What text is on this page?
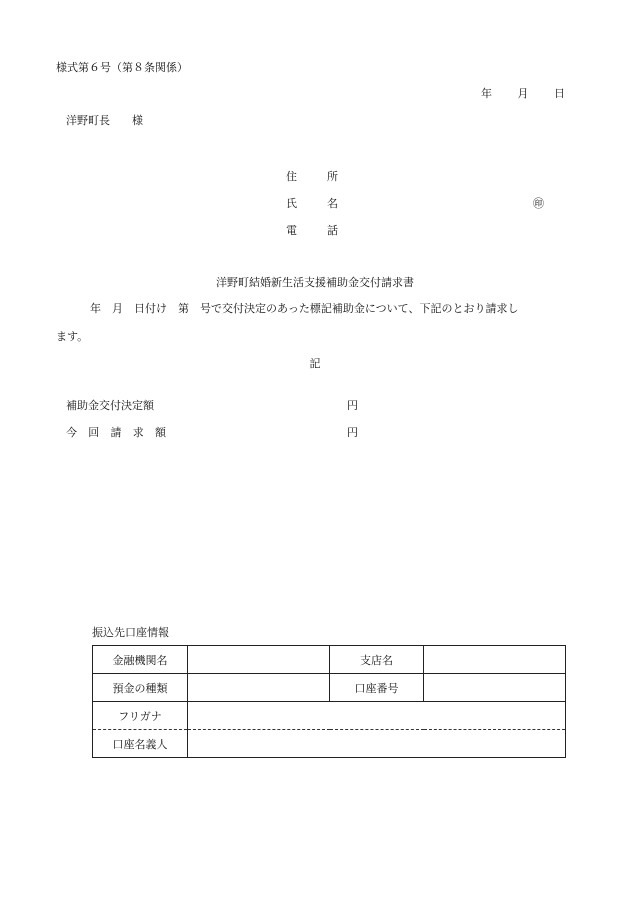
様式第６号（第８条関係）
年 月 日
洋野町長　　様
住	所
氏	名	㊞
電	話
洋野町結婚新生活支援補助金交付請求書
年　月　日付け　第　号で交付決定のあった標記補助金について、下記のとおり請求し
ます。
記
補助金交付決定額	円
今 回 請 求 額	円
振込先口座情報
金融機関名		支店名	
預金の種類		口座番号	
フリガナ			
口座名義人			
